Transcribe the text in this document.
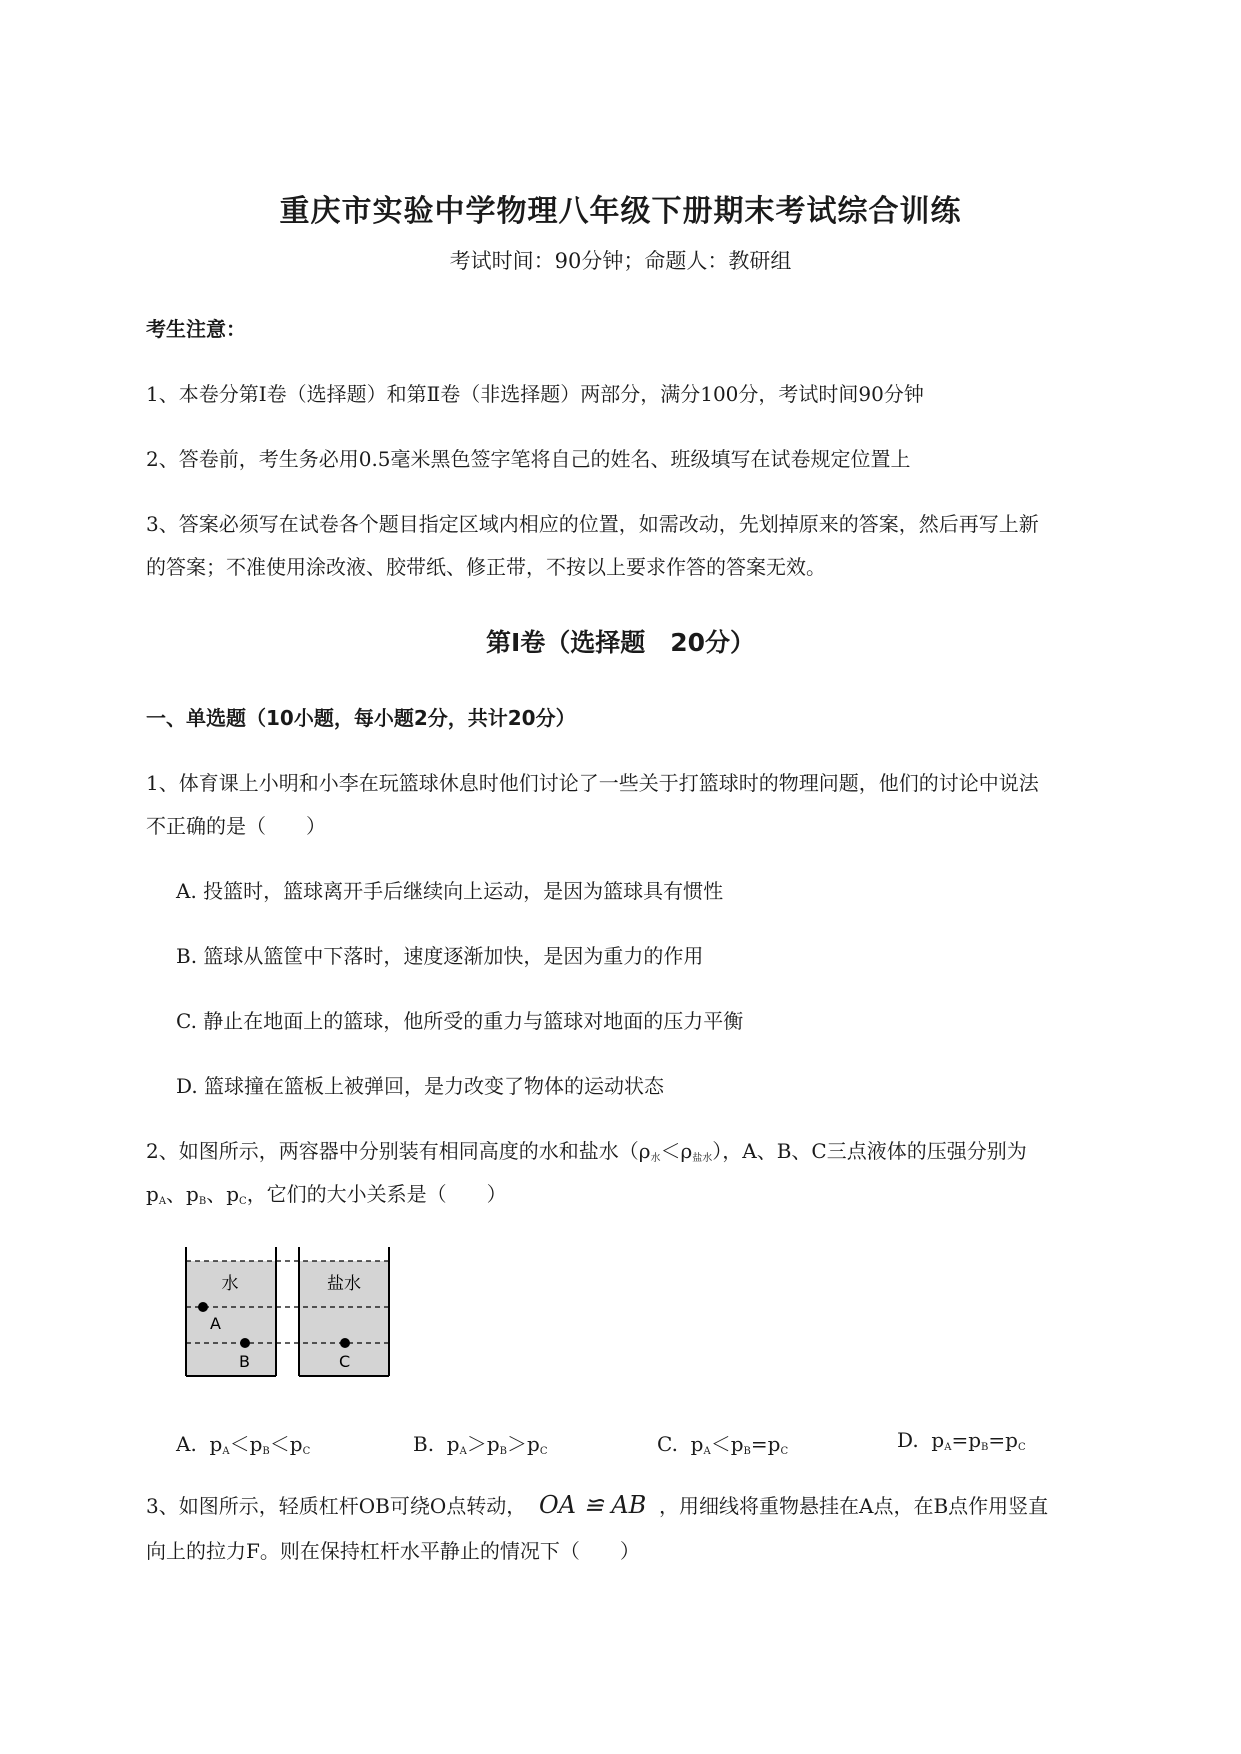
重庆市实验中学物理八年级下册期末考试综合训练
考试时间：90分钟；命题人：教研组
考生注意：
1、本卷分第I卷（选择题）和第Ⅱ卷（非选择题）两部分，满分100分，考试时间90分钟
2、答卷前，考生务必用0.5毫米黑色签字笔将自己的姓名、班级填写在试卷规定位置上
3、答案必须写在试卷各个题目指定区域内相应的位置，如需改动，先划掉原来的答案，然后再写上新
的答案；不准使用涂改液、胶带纸、修正带，不按以上要求作答的答案无效。
第I卷（选择题　20分）
一、单选题（10小题，每小题2分，共计20分）
1、体育课上小明和小李在玩篮球休息时他们讨论了一些关于打篮球时的物理问题，他们的讨论中说法
不正确的是（　　）
A. 投篮时，篮球离开手后继续向上运动，是因为篮球具有惯性
B. 篮球从篮筐中下落时，速度逐渐加快，是因为重力的作用
C. 静止在地面上的篮球，他所受的重力与篮球对地面的压力平衡
D. 篮球撞在篮板上被弹回，是力改变了物体的运动状态
2、如图所示，两容器中分别装有相同高度的水和盐水$(\rho_水<\rho_{盐水})$，A、B、C三点液体的压强分别为
$p_A$、$p_B$、$p_C$，它们的大小关系是（　　）
水	盐水
A
B	C
A. $p_A<p_B<p_C$	B. $p_A>p_B>p_C$	C. $p_A<p_B=p_C$	D. $p_A=p_B=p_C$
3、如图所示，轻质杠杆OB可绕O点转动， OA ≌ AB ，用细线将重物悬挂在A点，在B点作用竖直
向上的拉力F。则在保持杠杆水平静止的情况下（　　）
